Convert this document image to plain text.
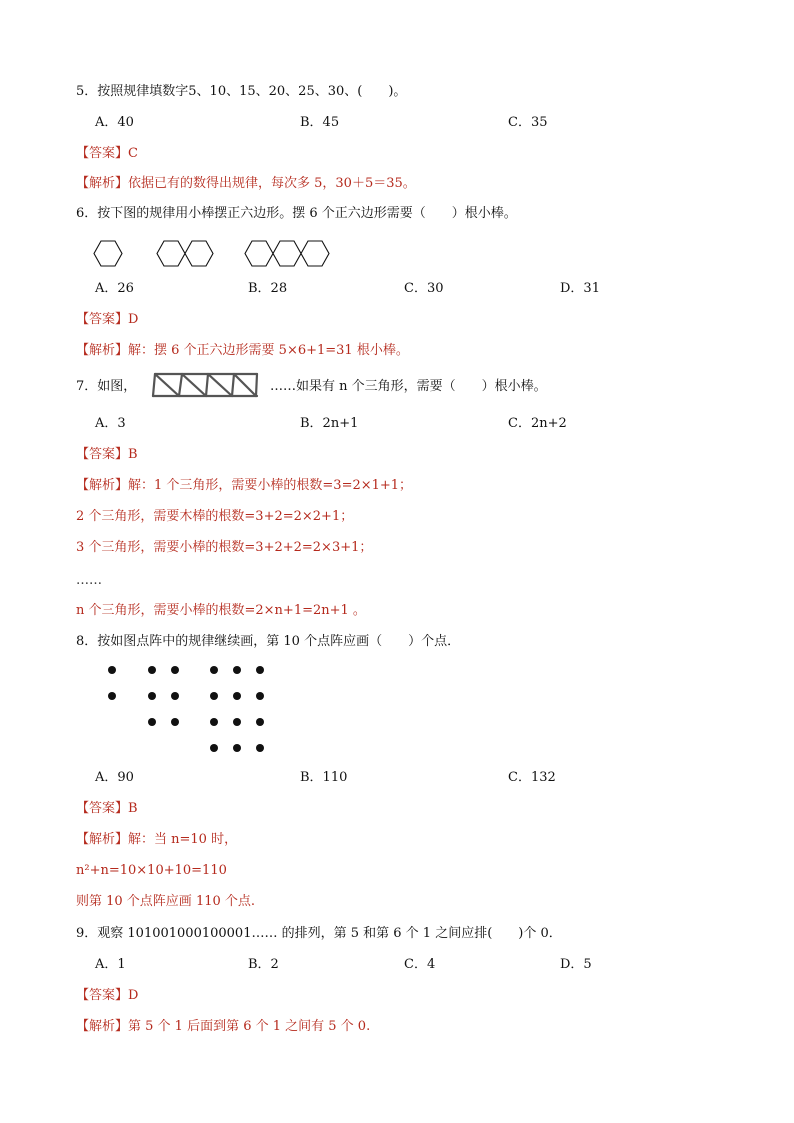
5．按照规律填数字5、10、15、20、25、30、(　　)。
A．40	B．45	C．35
【答案】C
【解析】依据已有的数得出规律，每次多 5，30＋5＝35。
6．按下图的规律用小棒摆正六边形。摆 6 个正六边形需要（　　）根小棒。
A．26	B．28	C．30	D．31
【答案】D
【解析】解：摆 6 个正六边形需要 5×6+1=31 根小棒。
7．如图，	……如果有 n 个三角形，需要（　　）根小棒。
A．3	B．2n+1	C．2n+2
【答案】B
【解析】解：1 个三角形，需要小棒的根数=3=2×1+1；
2 个三角形，需要木棒的根数=3+2=2×2+1；
3 个三角形，需要小棒的根数=3+2+2=2×3+1；
……
n 个三角形，需要小棒的根数=2×n+1=2n+1 。
8．按如图点阵中的规律继续画，第 10 个点阵应画（　　）个点．
A．90	B．110	C．132
【答案】B
【解析】解：当 n=10 时，
n²+n=10×10+10=110
则第 10 个点阵应画 110 个点.
9．观察 101001000100001…… 的排列，第 5 和第 6 个 1 之间应排(　　)个 0．
A．1	B．2	C．4	D．5
【答案】D
【解析】第 5 个 1 后面到第 6 个 1 之间有 5 个 0.
